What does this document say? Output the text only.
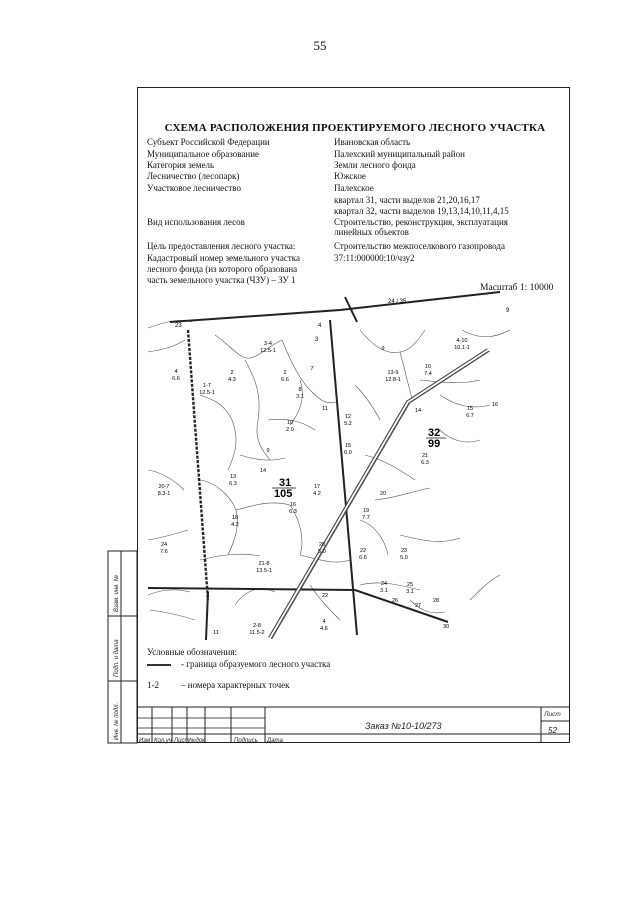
55
СХЕМА РАСПОЛОЖЕНИЯ ПРОЕКТИРУЕМОГО ЛЕСНОГО УЧАСТКА
Субъект Российской Федерации	Ивановская область
Муниципальное образование	Палехский муниципальный район
Категория земель	Земли лесного фонда
Лесничество (лесопарк)	Южское
Участковое лесничество	Палехское
квартал 31, части выделов 21,20,16,17
квартал 32, части выделов 19,13,14,10,11,4,15
Вид использования лесов	Строительство, реконструкция, эксплуатация
линейных объектов
Цель предоставления лесного участка:	Строительство межпоселкового газопровода
Кадастровый номер земельного участка	37:11:000000:10/чзу2
лесного фонда (из которого образована
часть земельного участка (ЧЗУ) – ЗУ 1
Масштаб 1: 10000
31
105
32
99
23
24 / 35
9
4
3
3-4
12.5-1
2
4.3
4
6.6
1-7
12.5-1
2
6.6
8
3.1
10
2.0
9
7
11
12
5.2
13-9
12.8-1
9
10
7.4
4-10
10.1-1
14	15
6.7
16
15
6.0	21
6.3
13
6.3
14
17
4.2
16
6.3
20-7
8.3-1
18
4.2
19
7.7
20
24
7.6
20
5.0	22
6.6
23
5.0
21-8
13.5-1
22
24
3.1
25
3.1
26
27
28
2-8
11.5-2
4
4.6
11
30
Условные обозначения:
- граница образуемого лесного участка
1-2 – номера характерных точек
Изм Кол.уч Лист №док	Подпись Дата
Лист
52
Заказ №10-10/273
Взам. инв. №
Подп. и дата
Инв. № подл.
